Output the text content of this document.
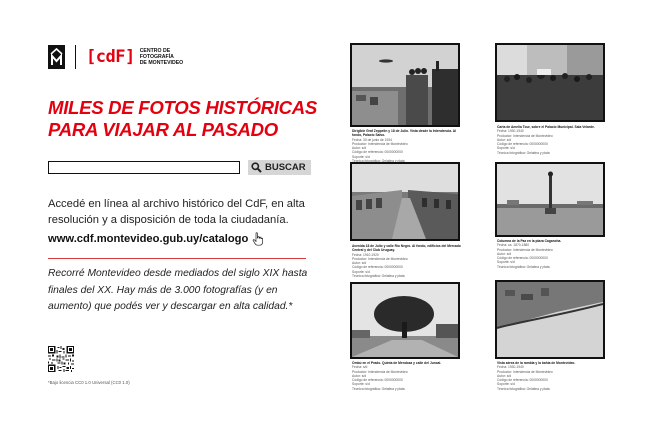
[cdF] CENTRO DE
FOTOGRAFÍA
DE MONTEVIDEO
MILES DE FOTOS HISTÓRICAS
PARA VIAJAR AL PASADO
BUSCAR

Accedé en línea al archivo histórico del CdF, en alta resolución y a disposición de toda la ciudadanía.

www.cdf.montevideo.gub.uy/catalogo

Recorré Montevideo desde mediados del siglo XIX hasta finales del XX. Hay más de 3.000 fotografías (y en aumento) que podés ver y descargar en alta calidad.*

*Bajo licencia CC0 1.0 Universal (CC0 1.0)

Dirigible Graf Zeppelin y 18 de Julio. Vista desde la Intendencia. Al fondo, Palacio Salvo.
Fecha: 30 de junio de 1934
Productor: Intendencia de Montevideo
Autor: s/d
Código de referencia: 0000000000
Soporte: s/d
Carta de Amelia Tour, sobre el Palacio Municipal. Sala Velarde.
Fecha: 1930-1940
Productor: Intendencia de Montevideo
Autor: s/d
Código de referencia: 0000000000
Soporte: s/d
Técnica fotográfica: Gelatina y plata
Avenida 18 de Julio y calle Río Negro. Al fondo, edificios del Mercado Central y del Club Uruguay.
Fecha: 1910-1920
Productor: Intendencia de Montevideo
Autor: s/d
Código de referencia: 0000000000
Soporte: s/d
Técnica fotográfica: Gelatina y plata
Columna de la Paz en la plaza Cagancha.
Fecha: ca. 1870-1880
Productor: Intendencia de Montevideo
Autor: s/d
Código de referencia: 0000000000
Soporte: s/d
Técnica fotográfica: Gelatina y plata
Ombú en el Prado. Quinta de Mendoza y calle del Juncal.
Fecha: s/d
Productor: Intendencia de Montevideo
Autor: s/d
Código de referencia: 0000000000
Soporte: s/d
Técnica fotográfica: Gelatina y plata
Vista aérea de la rambla y la bahía de Montevideo.
Fecha: 1930-1940
Productor: Intendencia de Montevideo
Autor: s/d
Código de referencia: 0000000000
Soporte: s/d
Técnica fotográfica: Gelatina y plata
